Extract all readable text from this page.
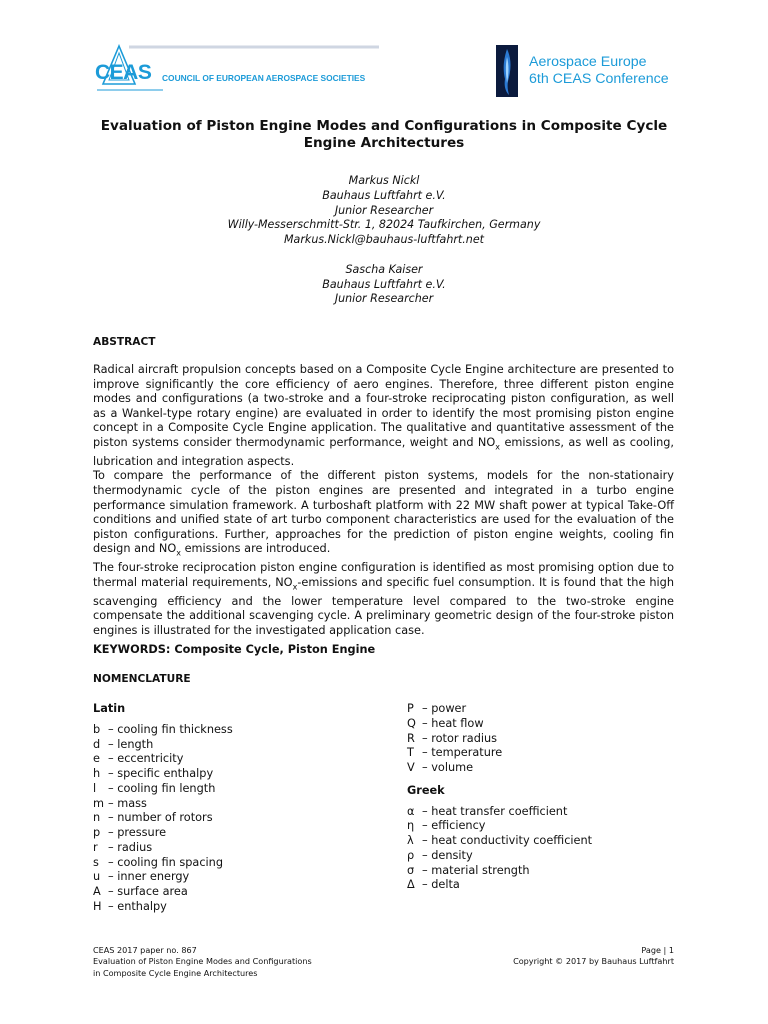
CEAS COUNCIL OF EUROPEAN AEROSPACE SOCIETIES
Aerospace Europe
6th CEAS Conference
Evaluation of Piston Engine Modes and Configurations in Composite Cycle Engine Architectures
Markus Nickl
Bauhaus Luftfahrt e.V.
Junior Researcher
Willy-Messerschmitt-Str. 1, 82024 Taufkirchen, Germany
Markus.Nickl@bauhaus-luftfahrt.net
Sascha Kaiser
Bauhaus Luftfahrt e.V.
Junior Researcher
ABSTRACT

Radical aircraft propulsion concepts based on a Composite Cycle Engine architecture are presented to improve significantly the core efficiency of aero engines. Therefore, three different piston engine modes and configurations (a two-stroke and a four-stroke reciprocating piston configuration, as well as a Wankel-type rotary engine) are evaluated in order to identify the most promising piston engine concept in a Composite Cycle Engine application. The qualitative and quantitative assessment of the piston systems consider thermodynamic performance, weight and $NO_x$ emissions, as well as cooling, lubrication and integration aspects.

To compare the performance of the different piston systems, models for the non-stationairy thermodynamic cycle of the piston engines are presented and integrated in a turbo engine performance simulation framework. A turboshaft platform with 22 MW shaft power at typical Take-Off conditions and unified state of art turbo component characteristics are used for the evaluation of the piston configurations. Further, approaches for the prediction of piston engine weights, cooling fin design and $NO_x$ emissions are introduced.

The four-stroke reciprocation piston engine configuration is identified as most promising option due to thermal material requirements, $NO_x$-emissions and specific fuel consumption. It is found that the high scavenging efficiency and the lower temperature level compared to the two-stroke engine compensate the additional scavenging cycle. A preliminary geometric design of the four-stroke piston engines is illustrated for the investigated application case.

KEYWORDS: Composite Cycle, Piston Engine
NOMENCLATURE
Latin
b – cooling fin thickness
d – length
e – eccentricity
h – specific enthalpy
l	– cooling fin length
m – mass
n – number of rotors
p – pressure
r – radius
s – cooling fin spacing
u – inner energy
A – surface area
H – enthalpy
P – power
Q – heat flow
R – rotor radius
T – temperature
V – volume
Greek
α – heat transfer coefficient
η – efficiency
λ – heat conductivity coefficient
ρ – density
σ – material strength
Δ – delta
CEAS 2017 paper no. 867
Evaluation of Piston Engine Modes and Configurations
in Composite Cycle Engine Architectures
Page | 1
Copyright © 2017 by Bauhaus Luftfahrt
